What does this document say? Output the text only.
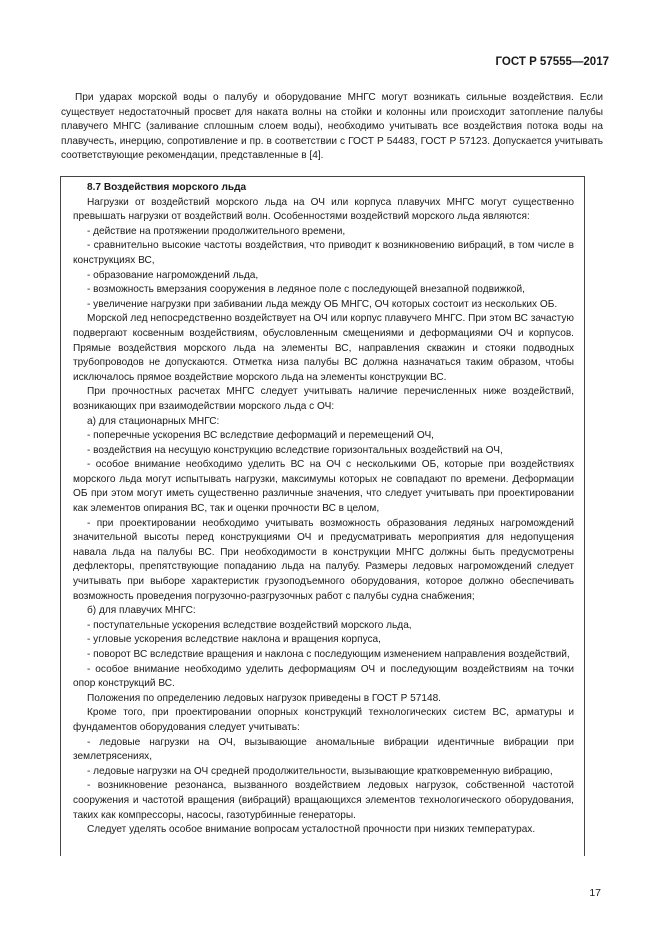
ГОСТ Р 57555—2017

При ударах морской воды о палубу и оборудование МНГС могут возникать сильные воздействия. Если существует недостаточный просвет для наката волны на стойки и колонны или происходит затопление палубы плавучего МНГС (заливание сплошным слоем воды), необходимо учитывать все воздействия потока воды на плавучесть, инерцию, сопротивление и пр. в соответствии с ГОСТ Р 54483, ГОСТ Р 57123. Допускается учитывать соответствующие рекомендации, представленные в [4].

8.7 Воздействия морского льда

Нагрузки от воздействий морского льда на ОЧ или корпуса плавучих МНГС могут существенно превышать нагрузки от воздействий волн. Особенностями воздействий морского льда являются:

- действие на протяжении продолжительного времени,

- сравнительно высокие частоты воздействия, что приводит к возникновению вибраций, в том числе в конструкциях ВС,

- образование нагромождений льда,

- возможность вмерзания сооружения в ледяное поле с последующей внезапной подвижкой,

- увеличение нагрузки при забивании льда между ОБ МНГС, ОЧ которых состоит из нескольких ОБ.

Морской лед непосредственно воздействует на ОЧ или корпус плавучего МНГС. При этом ВС зачастую подвергают косвенным воздействиям, обусловленным смещениями и деформациями ОЧ и корпусов. Прямые воздействия морского льда на элементы ВС, направления скважин и стояки подводных трубопроводов не допускаются. Отметка низа палубы ВС должна назначаться таким образом, чтобы исключалось прямое воздействие морского льда на элементы конструкции ВС.

При прочностных расчетах МНГС следует учитывать наличие перечисленных ниже воздействий, возникающих при взаимодействии морского льда с ОЧ:

а) для стационарных МНГС:

- поперечные ускорения ВС вследствие деформаций и перемещений ОЧ,

- воздействия на несущую конструкцию вследствие горизонтальных воздействий на ОЧ,

- особое внимание необходимо уделить ВС на ОЧ с несколькими ОБ, которые при воздействиях морского льда могут испытывать нагрузки, максимумы которых не совпадают по времени. Деформации ОБ при этом могут иметь существенно различные значения, что следует учитывать при проектировании как элементов опирания ВС, так и оценки прочности ВС в целом,

- при проектировании необходимо учитывать возможность образования ледяных нагромождений значительной высоты перед конструкциями ОЧ и предусматривать мероприятия для недопущения навала льда на палубы ВС. При необходимости в конструкции МНГС должны быть предусмотрены дефлекторы, препятствующие попаданию льда на палубу. Размеры ледовых нагромождений следует учитывать при выборе характеристик грузоподъемного оборудования, которое должно обеспечивать возможность проведения погрузочно-разгрузочных работ с палубы судна снабжения;

б) для плавучих МНГС:

- поступательные ускорения вследствие воздействий морского льда,

- угловые ускорения вследствие наклона и вращения корпуса,

- поворот ВС вследствие вращения и наклона с последующим изменением направления воздействий,

- особое внимание необходимо уделить деформациям ОЧ и последующим воздействиям на точки опор конструкций ВС.

Положения по определению ледовых нагрузок приведены в ГОСТ Р 57148.

Кроме того, при проектировании опорных конструкций технологических систем ВС, арматуры и фундаментов оборудования следует учитывать:

- ледовые нагрузки на ОЧ, вызывающие аномальные вибрации идентичные вибрации при землетрясениях,

- ледовые нагрузки на ОЧ средней продолжительности, вызывающие кратковременную вибрацию,

- возникновение резонанса, вызванного воздействием ледовых нагрузок, собственной частотой сооружения и частотой вращения (вибраций) вращающихся элементов технологического оборудования, таких как компрессоры, насосы, газотурбинные генераторы.

Следует уделять особое внимание вопросам усталостной прочности при низких температурах.

17
